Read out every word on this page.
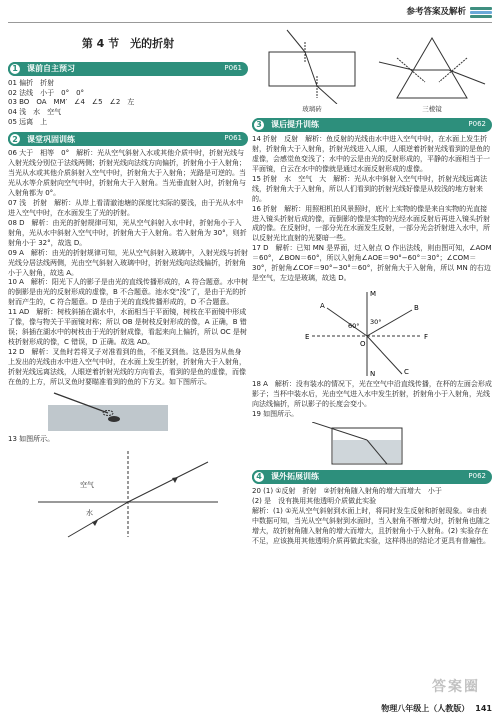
参考答案及解析
第 4 节　光的折射
1	课前自主预习	P061

01 偏折　折射

02 法线　小于　0°　0°

03 BO　OA　MM′　∠4　∠5　∠2　左

04 浅　水　空气

05 远离　上

2	课堂巩固训练	P061

06 大于　相等　0°　解析：光从空气斜射入水或其他介质中时，折射光线与入射光线分别位于法线两侧；折射光线向法线方向偏折，折射角小于入射角；当光从水或其他介质斜射入空气中时，折射角大于入射角；光路是可逆的。当光从水等介质射向空气中时，折射角大于入射角。当光垂直射入时，折射角与入射角都为 0°。

07 浅　折射　解析：从岸上看清澈池塘的深度比实际的要浅，由于光从水中进入空气中时，在水面发生了光的折射。

08 D　解析：由光的折射规律可知，光从空气斜射入水中时，折射角小于入射角，光从水中斜射入空气中时，折射角大于入射角。若入射角为 30°，则折射角小于 32°，故选 D。

09 A　解析：由光的折射规律可知，光从空气斜射入玻璃中，入射光线与折射光线分居法线两侧，光由空气斜射入玻璃中时，折射光线向法线偏折，折射角小于入射角，故选 A。

10 A　解析：阳光下人的影子是由光的直线传播形成的，A 符合题意。水中树的倒影是由光的反射形成的虚像，B 不合题意。池水变“浅”了，是由于光的折射而产生的，C 符合题意。D 是由于光的直线传播形成的，D 不合题意。

11 AD　解析：树枝斜插在湖水中，水面相当于平面镜，树枝在平面镜中形成了像，像与物关于平面镜对称；所以 OB 是树枝反射形成的像，A 正确，B 错误；斜插在湖水中的树枝由于光的折射成像，看起来向上偏折，所以 OC 是树枝折射形成的像，C 错误，D 正确。故选 AD。

12 D　解析：叉鱼时若将叉子对准看到的鱼，不能叉到鱼。这是因为从鱼身上发出的光线由水中进入空气中时，在水面上发生折射，折射角大于入射角，折射光线远离法线，人眼逆着折射光线的方向看去，看到的是鱼的虚像，而像在鱼的上方，所以叉鱼时要瞄准看到的鱼的下方叉。如下图所示。

13 如图所示。

空气
水
玻璃砖	三棱镜
3	课后提升训练	P062

14 折射　反射　解析：鱼反射的光线由水中进入空气中时，在水面上发生折射，折射角大于入射角，折射光线进入人眼，人眼逆着折射光线看到的是鱼的虚像，会感觉鱼变浅了；水中的云是由光的反射形成的，平静的水面相当于一平面镜，白云在水中的像就是通过水面反射形成的虚像。

15 折射　水　空气　大　解析：光从水中斜射入空气中时，折射光线远离法线，折射角大于入射角，所以人们看到的折射光线好像是从较浅的地方射来的。

16 折射　解析：用照相机拍风景照时，底片上实物的像是来自实物的光直接进入镜头折射后成的像，而倒影的像是实物的光经水面反射后再进入镜头折射成的像。在反射时，一部分光在水面发生反射，一部分光会折射进入水中，所以反射光比直射的光要暗一些。

17 D　解析：已知 MN 是界面，过入射点 O 作出法线，则由图可知，∠AOM＝60°，∠BON＝60°，所以入射角∠AOE＝90°−60°＝30°；∠COM＝30°，折射角∠COF＝90°−30°＝60°，折射角大于入射角，所以 MN 的右边是空气，左边是玻璃，故选 D。

M
N
A	B
C
E	F
O
60° 30°

18 A　解析：没有装水的情况下，光在空气中沿直线传播，在杯的左面会形成影子；当杯中装水后，光由空气进入水中发生折射，折射角小于入射角，光线向法线偏折，所以影子的长度会变小。

19 如图所示。

4	课外拓展训练	P062

20 (1) ①反射　折射　②折射角随入射角的增大而增大　小于

(2) 是　没有换用其他透明介质做此实验

解析：(1) ①光从空气斜射到水面上时，将同时发生反射和折射现象。②由表中数据可知，当光从空气斜射到水面时，当入射角不断增大时，折射角也随之增大，故折射角随入射角的增大而增大，且折射角小于入射角。(2) 实验存在不足，应该换用其他透明介质再做此实验，这样得出的结论才更具有普遍性。

答案圈
物理八年级上（人教版） 141
